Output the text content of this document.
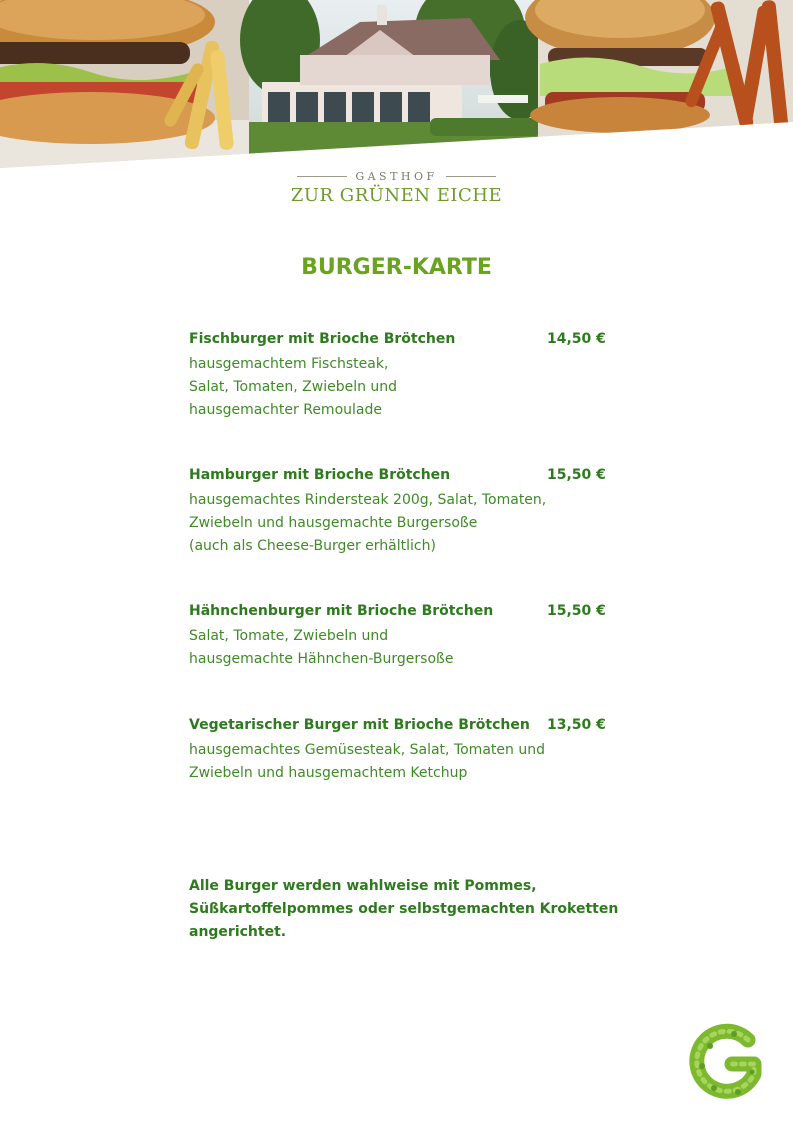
GASTHOF
ZUR GRÜNEN EICHE
BURGER-KARTE
Fischburger mit Brioche Brötchen	14,50 €
hausgemachtem Fischsteak,
Salat, Tomaten, Zwiebeln und
hausgemachter Remoulade
Hamburger mit Brioche Brötchen	15,50 €
hausgemachtes Rindersteak 200g, Salat, Tomaten,
Zwiebeln und hausgemachte Burgersoße
(auch als Cheese-Burger erhältlich)
Hähnchenburger mit Brioche Brötchen	15,50 €
Salat, Tomate, Zwiebeln und
hausgemachte Hähnchen-Burgersoße
Vegetarischer Burger mit Brioche Brötchen 13,50 €
hausgemachtes Gemüsesteak, Salat, Tomaten und
Zwiebeln und hausgemachtem Ketchup
Alle Burger werden wahlweise mit Pommes,
Süßkartoffelpommes oder selbstgemachten Kroketten
angerichtet.
